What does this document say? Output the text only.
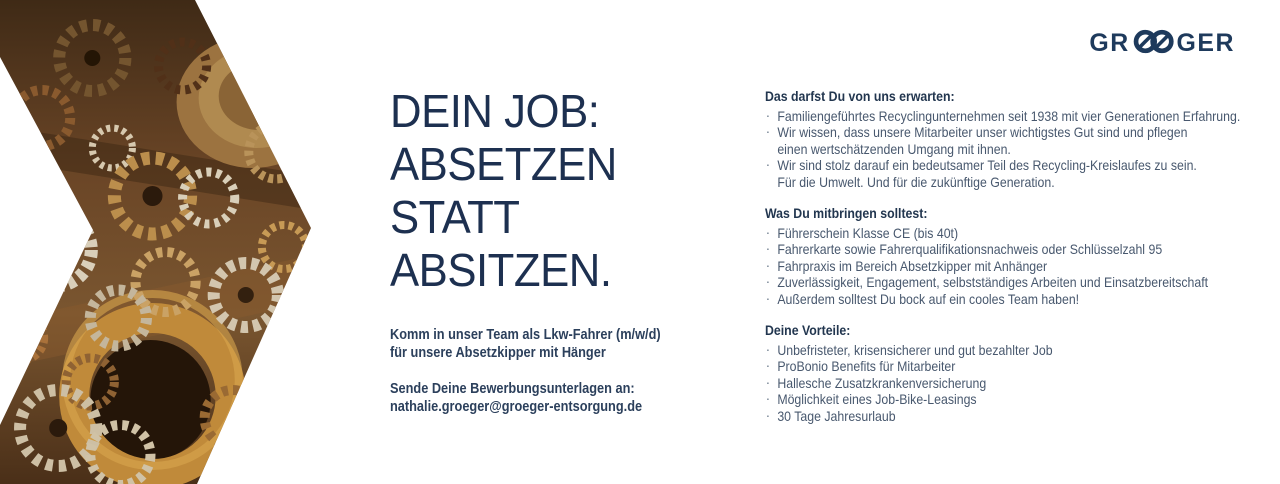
DEIN JOB:
ABSETZEN
STATT
ABSITZEN.
Komm in unser Team als Lkw-Fahrer (m/w/d)
für unsere Absetzkipper mit Hänger
Sende Deine Bewerbungsunterlagen an:
nathalie.groeger@groeger-entsorgung.de
Das darfst Du von uns erwarten:
· Familiengeführtes Recyclingunternehmen seit 1938 mit vier Generationen Erfahrung.
· Wir wissen, dass unsere Mitarbeiter unser wichtigstes Gut sind und pflegen
einen wertschätzenden Umgang mit ihnen.
· Wir sind stolz darauf ein bedeutsamer Teil des Recycling-Kreislaufes zu sein.
Für die Umwelt. Und für die zukünftige Generation.
Was Du mitbringen solltest:
· Führerschein Klasse CE (bis 40t)
· Fahrerkarte sowie Fahrerqualifikationsnachweis oder Schlüsselzahl 95
· Fahrpraxis im Bereich Absetzkipper mit Anhänger
· Zuverlässigkeit, Engagement, selbstständiges Arbeiten und Einsatzbereitschaft
· Außerdem solltest Du bock auf ein cooles Team haben!
Deine Vorteile:
· Unbefristeter, krisensicherer und gut bezahlter Job
· ProBonio Benefits für Mitarbeiter
· Hallesche Zusatzkrankenversicherung
· Möglichkeit eines Job-Bike-Leasings
· 30 Tage Jahresurlaub
GR GER
